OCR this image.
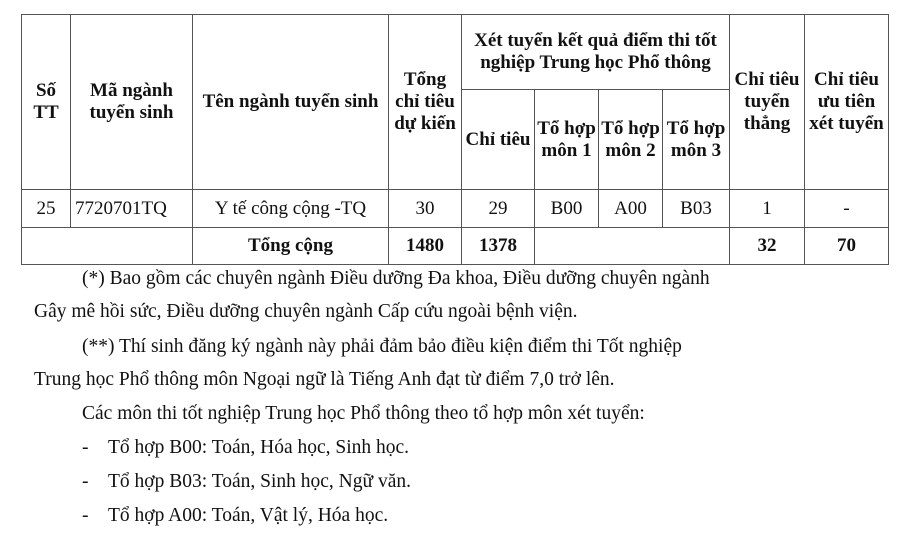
Số TT	Mã ngành tuyển sinh	Tên ngành tuyển sinh	Tổng chỉ tiêu dự kiến	Xét tuyển kết quả điểm thi tốt nghiệp Trung học Phổ thông				Chỉ tiêu tuyển thẳng	Chỉ tiêu ưu tiên xét tuyển
				Chỉ tiêu	Tổ hợp môn 1	Tổ hợp môn 2	Tổ hợp môn 3		
25	7720701TQ	Y tế công cộng -TQ	30	29	B00	A00	B03	1	-
		Tổng cộng	1480	1378				32	70
(*) Bao gồm các chuyên ngành Điều dưỡng Đa khoa, Điều dưỡng chuyên ngành
Gây mê hồi sức, Điều dưỡng chuyên ngành Cấp cứu ngoài bệnh viện.
(**) Thí sinh đăng ký ngành này phải đảm bảo điều kiện điểm thi Tốt nghiệp
Trung học Phổ thông môn Ngoại ngữ là Tiếng Anh đạt từ điểm 7,0 trở lên.
Các môn thi tốt nghiệp Trung học Phổ thông theo tổ hợp môn xét tuyển:
- Tổ hợp B00: Toán, Hóa học, Sinh học.
- Tổ hợp B03: Toán, Sinh học, Ngữ văn.
- Tổ hợp A00: Toán, Vật lý, Hóa học.
